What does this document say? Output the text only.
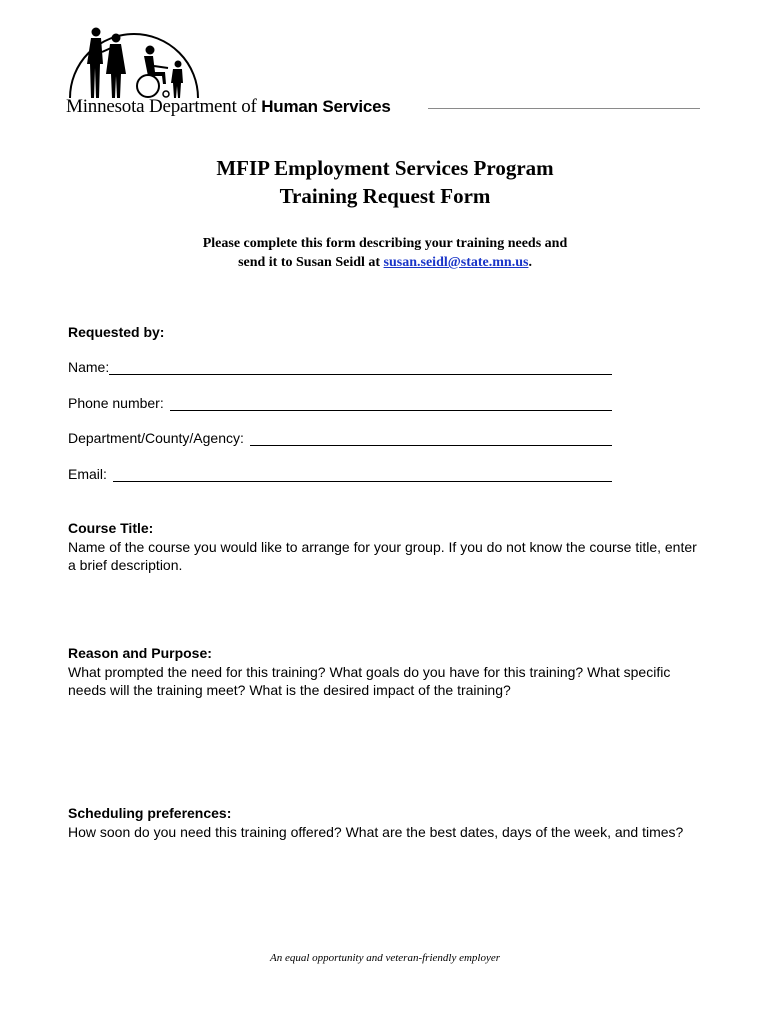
Minnesota Department of Human Services
MFIP Employment Services Program
Training Request Form
Please complete this form describing your training needs and
send it to Susan Seidl at susan.seidl@state.mn.us.
Requested by:
Name:
Phone number:
Department/County/Agency:
Email:
Course Title:
Name of the course you would like to arrange for your group. If you do not know the course title, enter a brief description.
Reason and Purpose:
What prompted the need for this training? What goals do you have for this training? What specific needs will the training meet? What is the desired impact of the training?
Scheduling preferences:
How soon do you need this training offered? What are the best dates, days of the week, and times?
An equal opportunity and veteran-friendly employer
